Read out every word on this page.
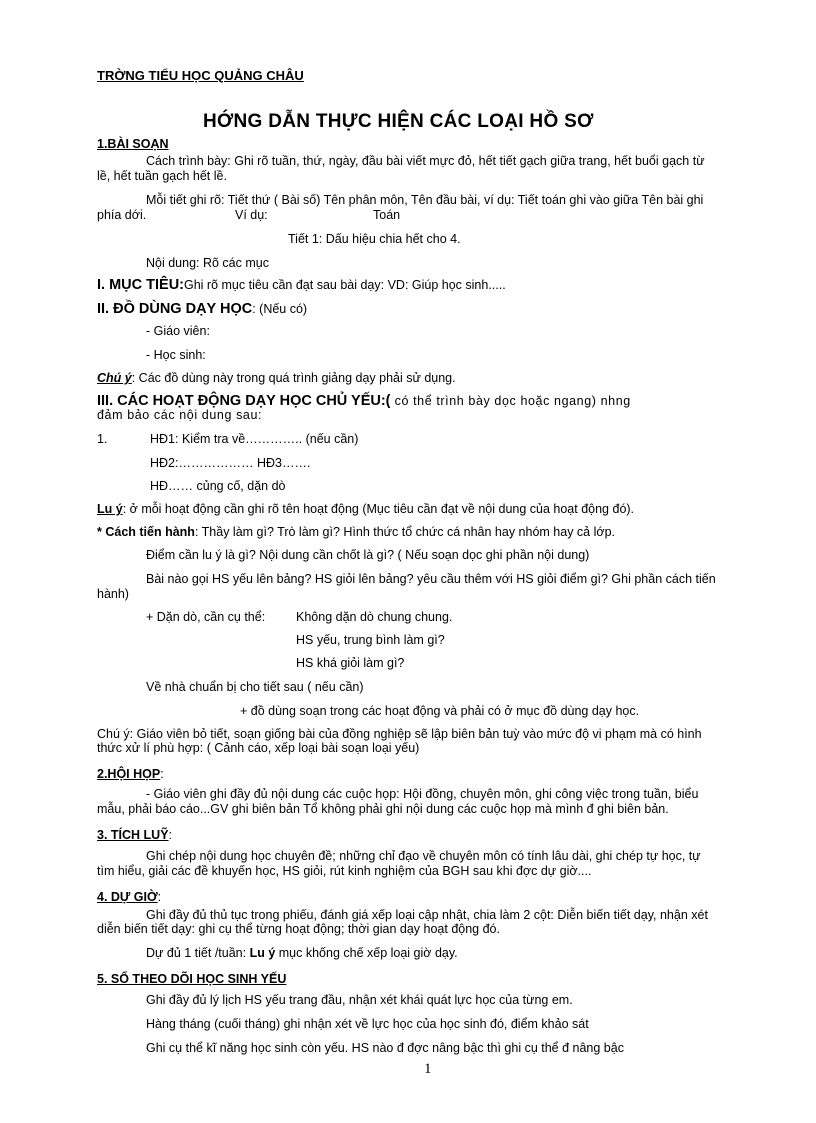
TRỜNG TIỂU HỌC QUẢNG CHÂU
HỚNG DẪN THỰC HIỆN CÁC LOẠI HỒ SƠ
1.BÀI SOẠN
Cách trình bày: Ghi rõ tuần, thứ, ngày, đầu bài viết mực đỏ, hết tiết gạch giữa trang, hết buổi gạch từ
lề, hết tuần gạch hết lề.
Mỗi tiết ghi rõ: Tiết thứ ( Bài số) Tên phân môn, Tên đầu bài, ví dụ: Tiết toán ghi vào giữa Tên bài ghi
phía dới.	Ví dụ:	Toán
Tiết 1: Dấu hiệu chia hết cho 4.
Nội dung: Rõ các mục
I. MỤC TIÊU:Ghi rõ mục tiêu cần đạt sau bài dạy: VD: Giúp học sinh.....
II. ĐỒ DÙNG DẠY HỌC: (Nếu có)
- Giáo viên:
- Học sinh:
Chú ý: Các đồ dùng này trong quá trình giảng dạy phải sử dụng.
III. CÁC HOẠT ĐỘNG DẠY HỌC CHỦ YẾU:( có thể trình bày dọc hoặc ngang) nhng
đảm bảo các nội dung sau:
1.	HĐ1: Kiểm tra về………….. (nếu cần)
HĐ2:……………… HĐ3…….
HĐ…… củng cố, dặn dò
Lu ý: ở mỗi hoạt động cần ghi rõ tên hoạt động (Mục tiêu cần đạt về nội dung của hoạt động đó).
* Cách tiến hành: Thầy làm gì? Trò làm gì? Hình thức tổ chức cá nhân hay nhóm hay cả lớp.
Điểm cần lu ý là gì? Nội dung cần chốt là gì? ( Nếu soạn dọc ghi phần nội dung)
Bài nào gọi HS yếu lên bảng? HS giỏi lên bảng? yêu cầu thêm với HS giỏi điểm gì? Ghi phần cách tiến
hành)
+ Dặn dò, cần cụ thể: Không dặn dò chung chung.
HS yếu, trung bình làm gì?
HS khá giỏi làm gì?
Về nhà chuẩn bị cho tiết sau ( nếu cần)
+ đồ dùng soạn trong các hoạt động và phải có ở mục đồ dùng dạy học.
Chú ý: Giáo viên bỏ tiết, soạn giống bài của đồng nghiệp sẽ lập biên bản tuỳ vào mức độ vi phạm mà có hình
thức xử lí phù hợp: ( Cảnh cáo, xếp loại bài soạn loại yếu)
2.HỘI HỌP:
- Giáo viên ghi đầy đủ nội dung các cuộc họp: Hội đồng, chuyên môn, ghi công việc trong tuần, biểu
mẫu, phải báo cáo...GV ghi biên bản Tổ không phải ghi nội dung các cuộc họp mà mình đ ghi biên bản.
3. TÍCH LUỸ:
Ghi chép nội dung học chuyên đề; những chỉ đạo về chuyên môn có tính lâu dài, ghi chép tự học, tự
tìm hiểu, giải các đề khuyến học, HS giỏi, rút kinh nghiệm của BGH sau khi đợc dự giờ....
4. DỰ GIỜ:
Ghi đầy đủ thủ tục trong phiếu, đánh giá xếp loại cập nhật, chia làm 2 cột: Diễn biến tiết dạy, nhận xét
diễn biến tiết dạy: ghi cụ thể từng hoạt động; thời gian dạy hoạt động đó.
Dự đủ 1 tiết /tuần: Lu ý mục khống chế xếp loại giờ dạy.
5. SỔ THEO DÕI HỌC SINH YẾU
Ghi đầy đủ lý lịch HS yếu trang đầu, nhận xét khái quát lực học của từng em.
Hàng tháng (cuối tháng) ghi nhận xét về lực học của học sinh đó, điểm khảo sát
Ghi cụ thể kĩ năng học sinh còn yếu. HS nào đ đợc nâng bậc thì ghi cụ thể đ nâng bậc
1
